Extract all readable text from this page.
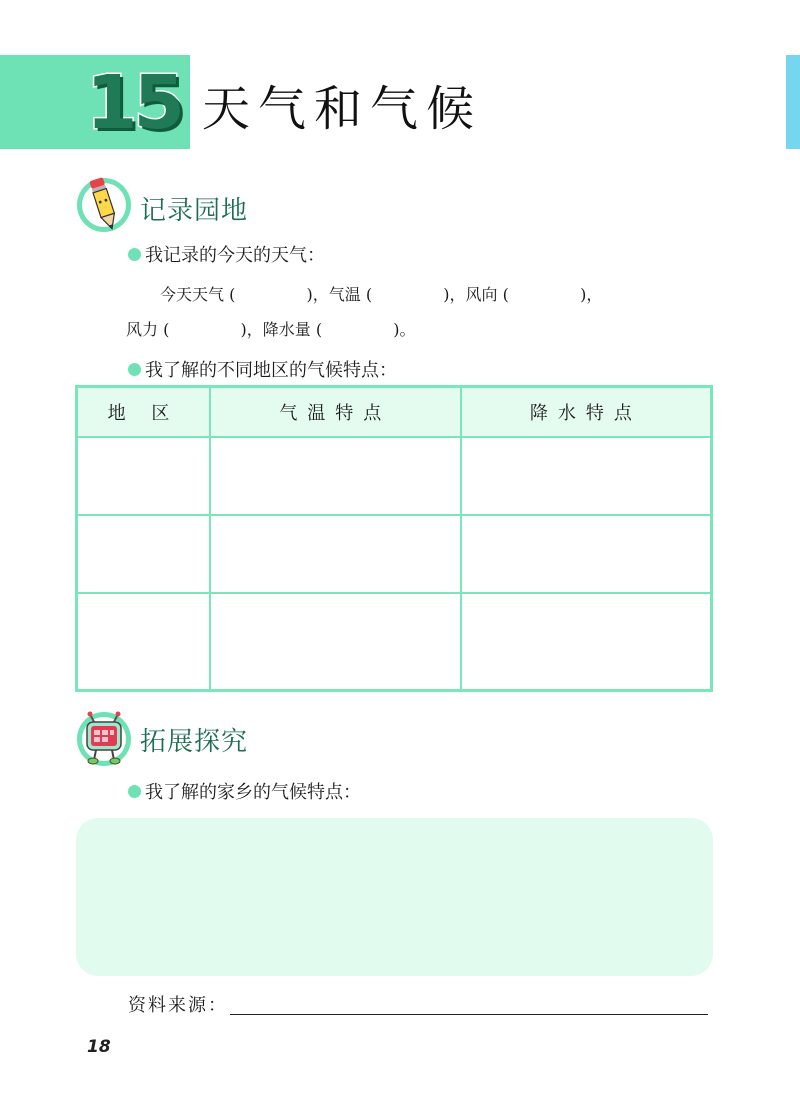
15 天气和气候
记录园地
我记录的今天的天气：
今天天气 (              )，气温 (              )，风向 (              )，
风力 (              )，降水量 (              )。
我了解的不同地区的气候特点：
地 区	气温特点	降水特点

拓展探究
我了解的家乡的气候特点：
资料来源：
18
